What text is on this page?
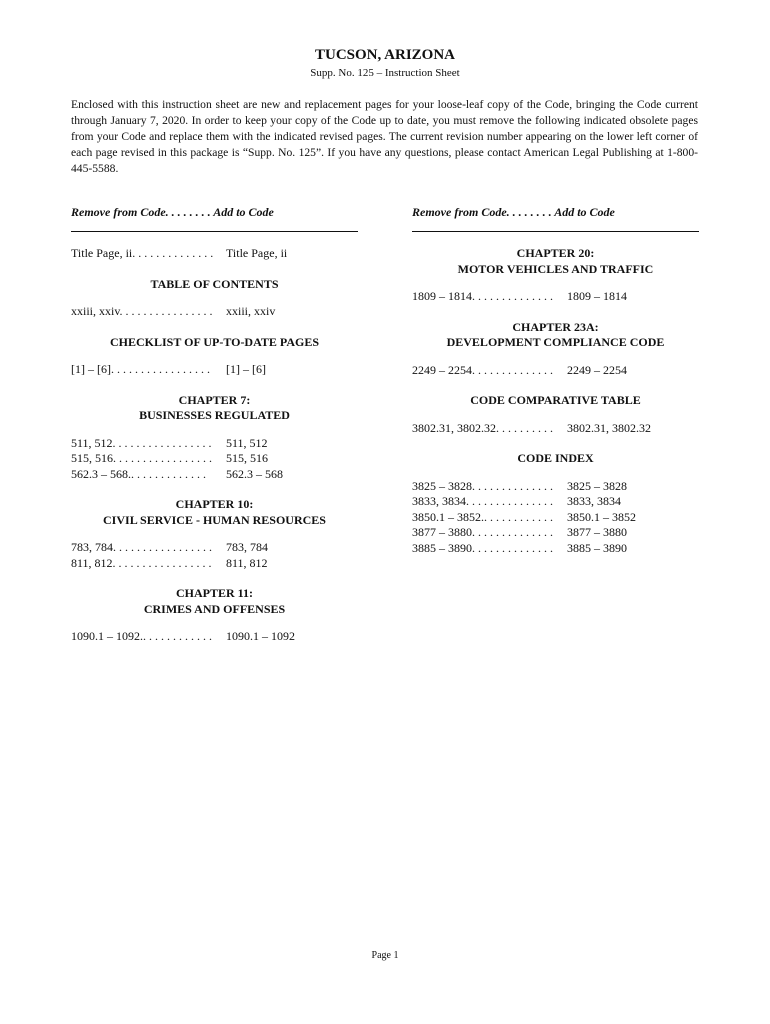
TUCSON, ARIZONA
Supp. No. 125 – Instruction Sheet

Enclosed with this instruction sheet are new and replacement pages for your loose-leaf copy of the Code, bringing the Code current through January 7, 2020. In order to keep your copy of the Code up to date, you must remove the following indicated obsolete pages from your Code and replace them with the indicated revised pages. The current revision number appearing on the lower left corner of each page revised in this package is “Supp. No. 125”. If you have any questions, please contact American Legal Publishing at 1-800-445-5588.

Remove from Code. . . . . . . . Add to Code
Title Page, ii. . . . . . . . . . . . . . Title Page, ii
TABLE OF CONTENTS
xxiii, xxiv. . . . . . . . . . . . . . . . xxiii, xxiv
CHECKLIST OF UP-TO-DATE PAGES
[1] – [6]. . . . . . . . . . . . . . . . . [1] – [6]
CHAPTER 7:
BUSINESSES REGULATED
511, 512. . . . . . . . . . . . . . . . . 511, 512
515, 516. . . . . . . . . . . . . . . . . 515, 516
562.3 – 568.. . . . . . . . . . . . . 562.3 – 568
CHAPTER 10:
CIVIL SERVICE - HUMAN RESOURCES
783, 784. . . . . . . . . . . . . . . . . 783, 784
811, 812. . . . . . . . . . . . . . . . . 811, 812
CHAPTER 11:
CRIMES AND OFFENSES
1090.1 – 1092.. . . . . . . . . . . . 1090.1 – 1092
Remove from Code. . . . . . . . Add to Code
CHAPTER 20:
MOTOR VEHICLES AND TRAFFIC
1809 – 1814. . . . . . . . . . . . . . 1809 – 1814
CHAPTER 23A:
DEVELOPMENT COMPLIANCE CODE
2249 – 2254. . . . . . . . . . . . . . 2249 – 2254
CODE COMPARATIVE TABLE
3802.31, 3802.32. . . . . . . . . . 3802.31, 3802.32
CODE INDEX
3825 – 3828. . . . . . . . . . . . . . 3825 – 3828
3833, 3834. . . . . . . . . . . . . . . 3833, 3834
3850.1 – 3852.. . . . . . . . . . . . 3850.1 – 3852
3877 – 3880. . . . . . . . . . . . . . 3877 – 3880
3885 – 3890. . . . . . . . . . . . . . 3885 – 3890
Page 1
